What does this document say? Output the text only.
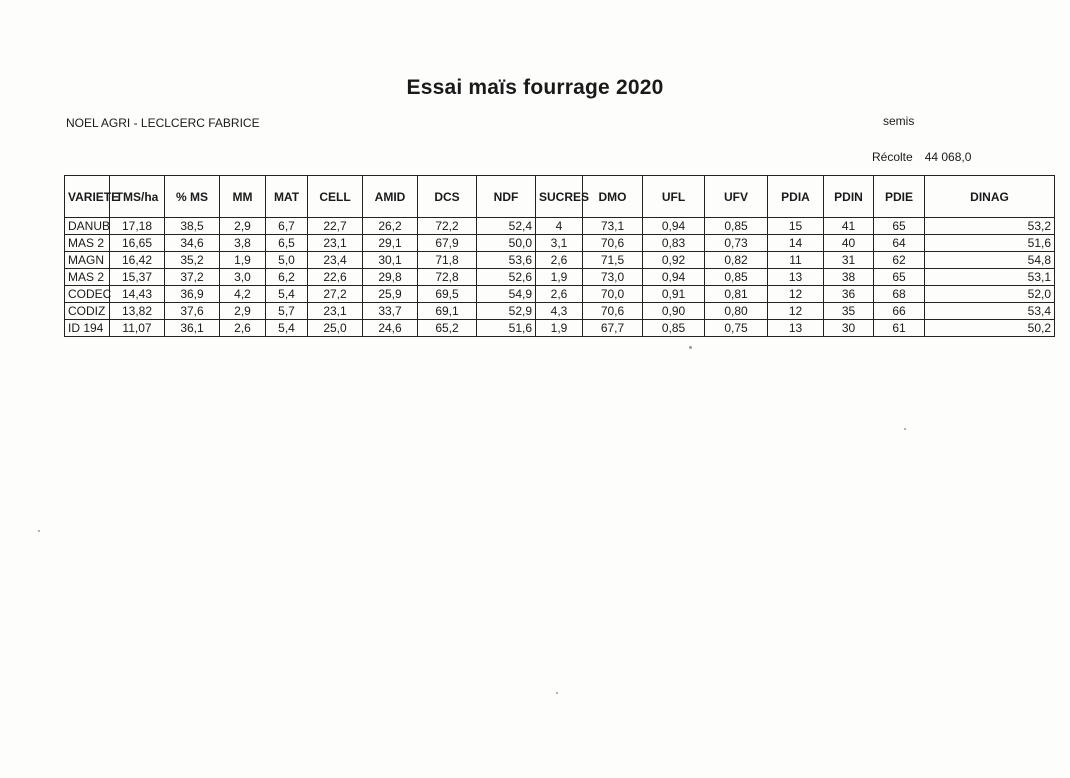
Essai maïs fourrage 2020
NOEL AGRI - LECLCERC FABRICE	semis
Récolte 44 068,0
VARIETE	TMS/ha	% MS	MM	MAT	CELL	AMID	DCS	NDF	SUCRES	DMO	UFL	UFV	PDIA	PDIN	PDIE	DINAG
DANUB	17,18	38,5	2,9	6,7	22,7	26,2	72,2	52,4	4	73,1	0,94	0,85	15	41	65	53,2
MAS 2	16,65	34,6	3,8	6,5	23,1	29,1	67,9	50,0	3,1	70,6	0,83	0,73	14	40	64	51,6
MAGN	16,42	35,2	1,9	5,0	23,4	30,1	71,8	53,6	2,6	71,5	0,92	0,82	11	31	62	54,8
MAS 2	15,37	37,2	3,0	6,2	22,6	29,8	72,8	52,6	1,9	73,0	0,94	0,85	13	38	65	53,1
CODEC	14,43	36,9	4,2	5,4	27,2	25,9	69,5	54,9	2,6	70,0	0,91	0,81	12	36	68	52,0
CODIZ	13,82	37,6	2,9	5,7	23,1	33,7	69,1	52,9	4,3	70,6	0,90	0,80	12	35	66	53,4
ID 194	11,07	36,1	2,6	5,4	25,0	24,6	65,2	51,6	1,9	67,7	0,85	0,75	13	30	61	50,2
